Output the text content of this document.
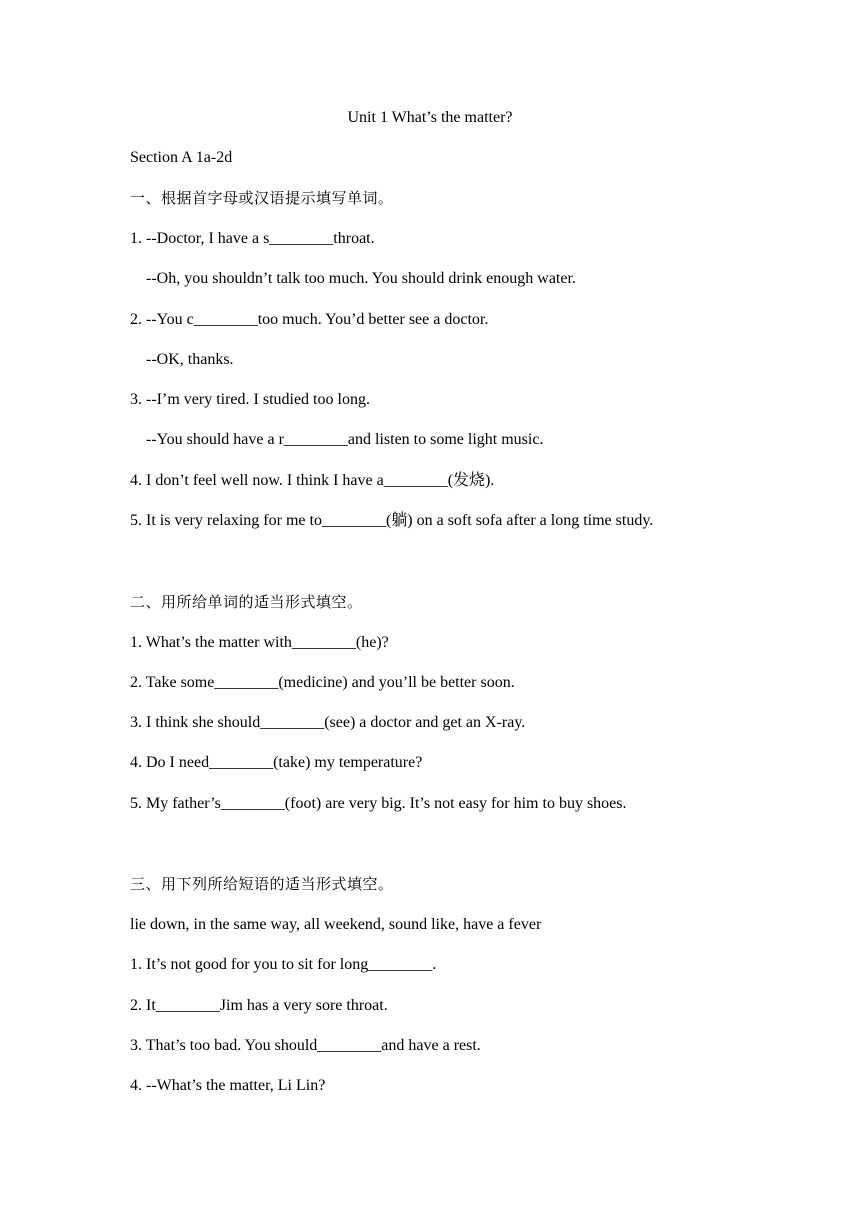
Unit 1 What’s the matter?
Section A 1a-2d
一、根据首字母或汉语提示填写单词。
1. --Doctor, I have a s________throat.
--Oh, you shouldn’t talk too much. You should drink enough water.
2. --You c________too much. You’d better see a doctor.
--OK, thanks.
3. --I’m very tired. I studied too long.
--You should have a r________and listen to some light music.
4. I don’t feel well now. I think I have a________(发烧).
5. It is very relaxing for me to________(躺) on a soft sofa after a long time study.
二、用所给单词的适当形式填空。
1. What’s the matter with________(he)?
2. Take some________(medicine) and you’ll be better soon.
3. I think she should________(see) a doctor and get an X-ray.
4. Do I need________(take) my temperature?
5. My father’s________(foot) are very big. It’s not easy for him to buy shoes.
三、用下列所给短语的适当形式填空。
lie down, in the same way, all weekend, sound like, have a fever
1. It’s not good for you to sit for long________.
2. It________Jim has a very sore throat.
3. That’s too bad. You should________and have a rest.
4. --What’s the matter, Li Lin?
